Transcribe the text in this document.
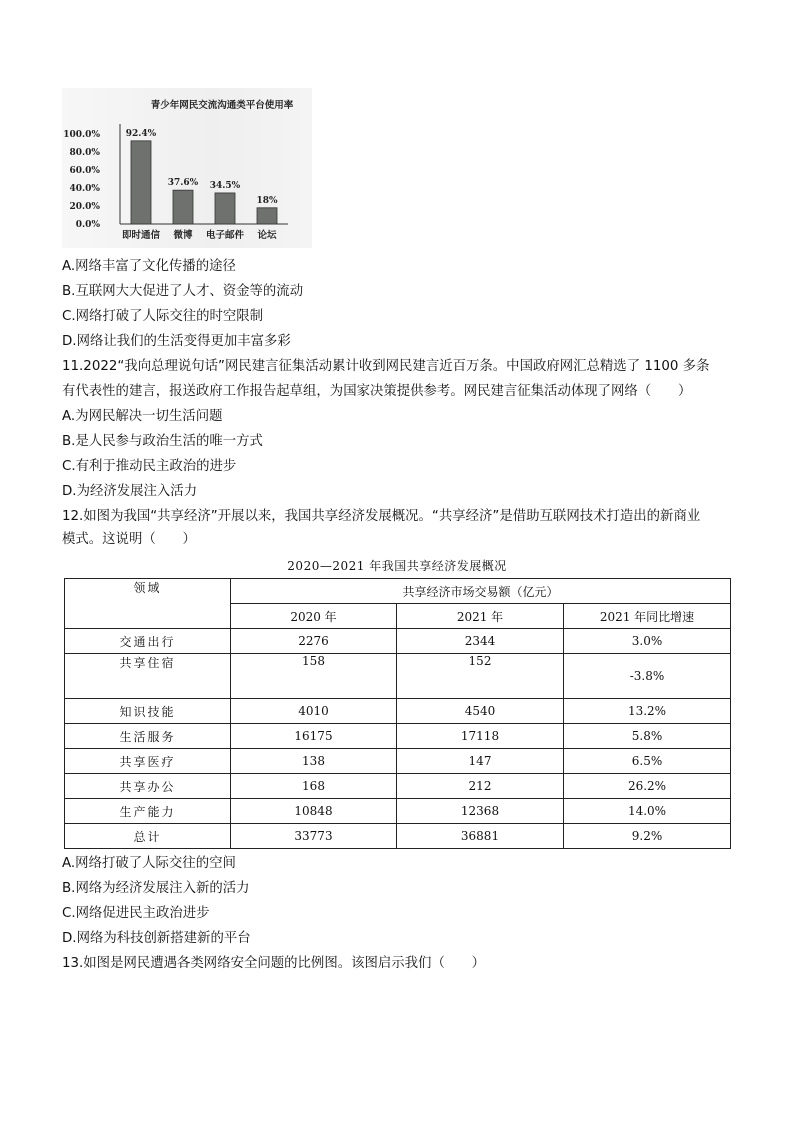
青少年网民交流沟通类平台使用率
100.0%
80.0%
60.0%
40.0%
20.0%
0.0%
92.4%
即时通信
37.6%
微博
34.5%
电子邮件
18%
论坛
A.网络丰富了文化传播的途径
B.互联网大大促进了人才、资金等的流动
C.网络打破了人际交往的时空限制
D.网络让我们的生活变得更加丰富多彩
11.2022“我向总理说句话”网民建言征集活动累计收到网民建言近百万条。中国政府网汇总精选了 1100 多条
有代表性的建言，报送政府工作报告起草组，为国家决策提供参考。网民建言征集活动体现了网络（　　）
A.为网民解决一切生活问题
B.是人民参与政治生活的唯一方式
C.有利于推动民主政治的进步
D.为经济发展注入活力
12.如图为我国“共享经济”开展以来，我国共享经济发展概况。“共享经济”是借助互联网技术打造出的新商业
模式。这说明（　　）
2020—2021 年我国共享经济发展概况
领域	共享经济市场交易额（亿元）		
	2020 年	2021 年	2021 年同比增速
交通出行	2276	2344	3.0%
共享住宿	158	152	-3.8%
知识技能	4010	4540	13.2%
生活服务	16175	17118	5.8%
共享医疗	138	147	6.5%
共享办公	168	212	26.2%
生产能力	10848	12368	14.0%
总计	33773	36881	9.2%
A.网络打破了人际交往的空间
B.网络为经济发展注入新的活力
C.网络促进民主政治进步
D.网络为科技创新搭建新的平台
13.如图是网民遭遇各类网络安全问题的比例图。该图启示我们（　　）
